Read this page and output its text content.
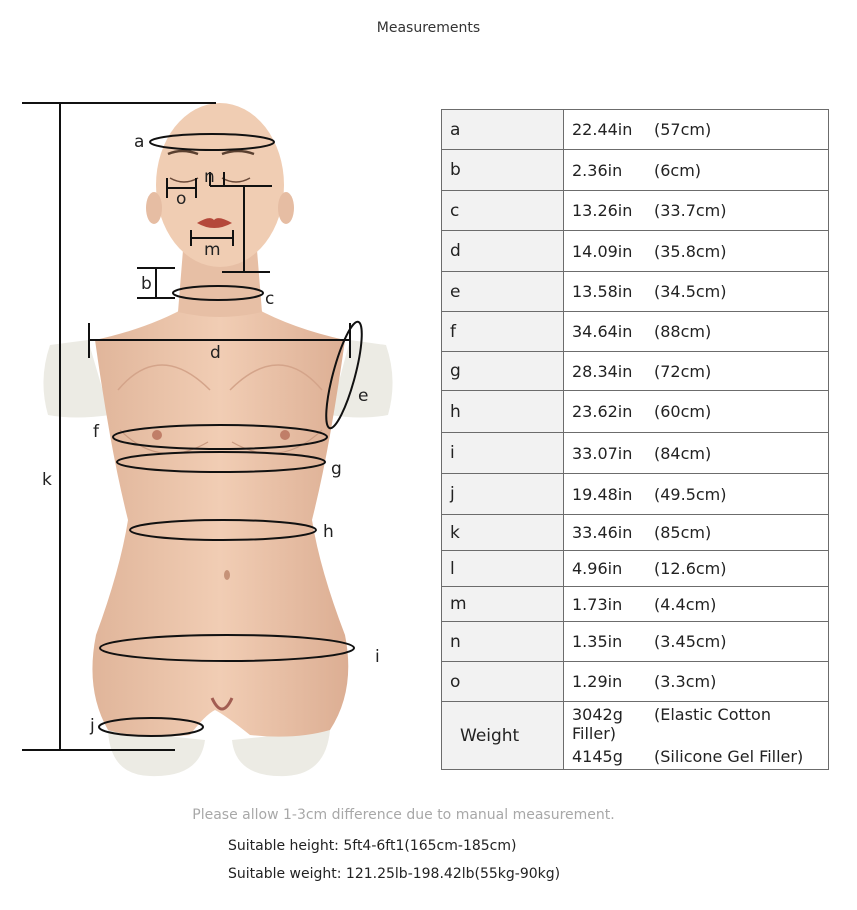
Measurements
a
n
o
m
b
c
d
e
f
g
k
h
i
j
a	22.44in (57cm)
b	2.36in (6cm)
c	13.26in (33.7cm)
d	14.09in (35.8cm)
e	13.58in (34.5cm)
f	34.64in (88cm)
g	28.34in (72cm)
h	23.62in (60cm)
i	33.07in (84cm)
j	19.48in (49.5cm)
k	33.46in (85cm)
l	4.96in (12.6cm)
m	1.73in (4.4cm)
n	1.35in (3.45cm)
o	1.29in (3.3cm)
Weight	3042g (Elastic Cotton Filler)
4145g (Silicone Gel Filler)
Please allow 1-3cm difference due to manual measurement.
Suitable height: 5ft4-6ft1(165cm-185cm)
Suitable weight: 121.25lb-198.42lb(55kg-90kg)
